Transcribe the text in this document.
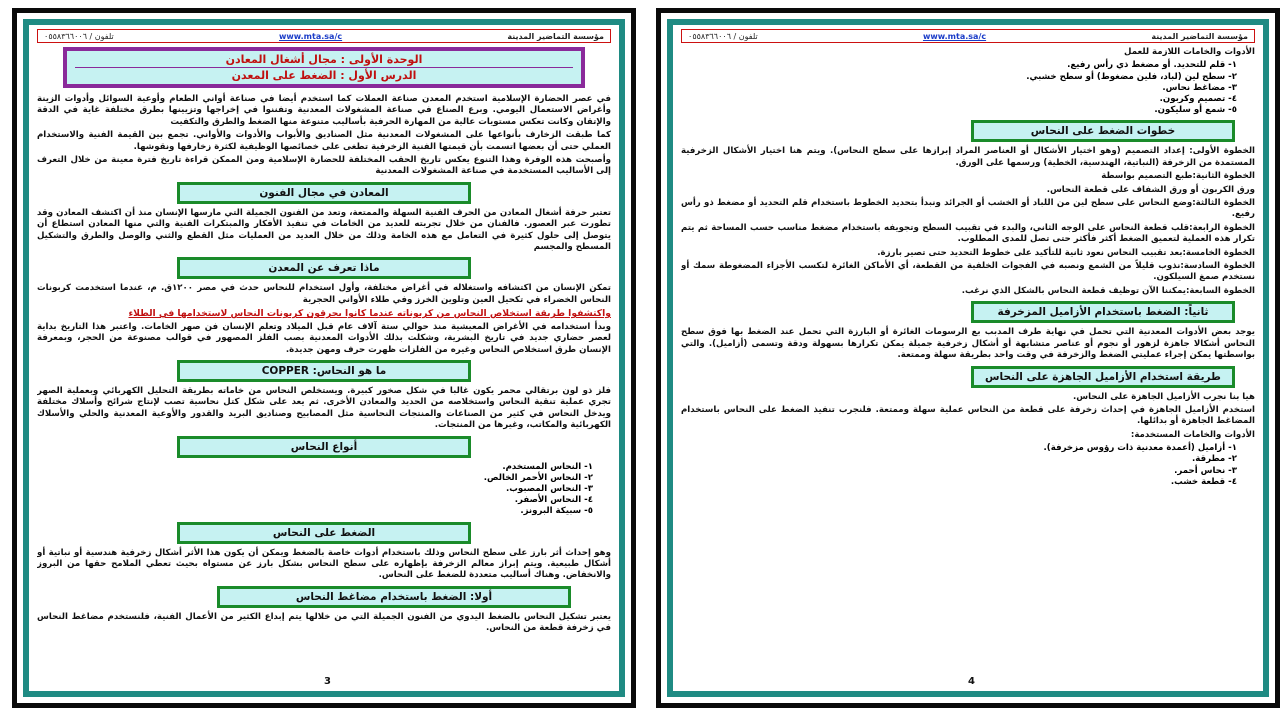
مؤسسة التماضير المدينة
www.mta.sa/c
تلفون / ٠٥٥٨٣٦٦٠٠٦
الوحدة الأولى : مجال أشغال المعادن
الدرس الأول : الضغط على المعدن

في عصر الحضارة الإسلامية استخدم المعدن صناعة العملات كما استخدم أيضا في صناعة أواني الطعام وأوعية السوائل وأدوات الزينة وأغراض الاستعمال اليومي. وبرع الصناع في صناعة المشغولات المعدنية وتفننوا في إخراجها وتزيينها بطرق مختلفة غاية في الدقة والإتقان وكانت تعكس مستويات عالية من المهارة الحرفية بأساليب متنوعة منها الضغط والطرق والتكفيت

كما طبقت الزخارف بأنواعها على المشغولات المعدنية مثل الصناديق والأبواب والأدوات والأواني. تجمع بين القيمة الفنية والاستخدام العملي حتى أن بعضها اتسمت بأن قيمتها الفنية الزخرفية تطغى على خصائصها الوظيفية لكثرة زخارفها ونقوشها.

وأصبحت هذه الوفرة وهذا التنوع يعكس تاريخ الحقب المختلفة للحضارة الإسلامية ومن الممكن قراءة تاريخ فترة معينة من خلال التعرف إلى الأساليب المستخدمة في صناعة المشغولات المعدنية

المعادن في مجال الفنون

تعتبر حرفة أشغال المعادن من الحرف الفنية السهلة والممتعة، وتعد من الفنون الجميلة التي مارسها الإنسان منذ أن اكتشف المعادن وقد تطورت عبر العصور. فالفنان من خلال تجربته للعديد من الخامات في تنفيذ الأفكار والمبتكرات الفنية والتي منها المعادن استطاع أن يتوصل إلى حلول كثيرة في التعامل مع هذه الخامة وذلك من خلال العديد من العمليات مثل القطع والثني والوصل والطرق والتشكيل المسطح والمجسم

ماذا تعرف عن المعدن

تمكن الإنسان من اكتشافه واستغلاله في أغراض مختلفة، وأول استخدام للنحاس حدث في مصر ١٢٠٠ق. م، عندما استخدمت كربونات النحاس الخضراء في تكحيل العين وتلوين الخرز وفي طلاء الأواني الحجرية

واكتشفوا طريقة استخلاص النحاس من كربوناته عندما كانوا يحرقون كربونات النحاس لاستخدامها في الطلاء

وبدأ استخدامه في الأغراض المعيشية منذ حوالي ستة آلاف عام قبل الميلاد وتعلم الإنسان فن صهر الخامات. واعتبر هذا التاريخ بداية لعصر حضاري جديد في تاريخ البشرية، وشكلت بذلك الأدوات المعدنية بصب الفلز المصهور في قوالب مصنوعة من الحجر، وبمعرفة الإنسان طرق استخلاص النحاس وغيره من الفلزات ظهرت حرف ومهن جديدة.

ما هو النحاس: COPPER

فلز ذو لون برتقالي محمر يكون غالبا في شكل صخور كبيرة. ويستخلص النحاس من خاماته بطريقة التحليل الكهربائي وبعملية الصهر تجري عملية تنقية النحاس واستخلاصه من الحديد والمعادن الأخرى. ثم يعد على شكل كتل نحاسية تصب لإنتاج شرائح وأسلاك مختلفة ويدخل النحاس في كثير من الصناعات والمنتجات النحاسية مثل المصابيح وصناديق البريد والقدور والأوعية المعدنية والحلي والأسلاك الكهربائية والمكاتب، وغيرها من المنتجات.

أنواع النحاس
١- النحاس المستخدم.
٢- النحاس الأحمر الخالص.
٣- النحاس المصبوب.
٤- النحاس الأصفر.
٥- سبيكة البرونز.
الضغط على النحاس

وهو إحداث أثر بارز على سطح النحاس وذلك باستخدام أدوات خاصة بالضغط ويمكن أن يكون هذا الأثر أشكال زخرفية هندسية أو نباتية أو أشكال طبيعية. ويتم إبراز معالم الزخرفة بإظهاره على سطح النحاس بشكل بارز عن مستواه بحيث تعطي الملامح حقها من البروز والانخفاض. وهناك أساليب متعددة للضغط على النحاس.

أولا: الضغط باستخدام مضاغط النحاس

يعتبر تشكيل النحاس بالضغط اليدوي من الفنون الجميلة التي من خلالها يتم إبداع الكثير من الأعمال الفنية، فلنستخدم مضاغط النحاس في زخرفة قطعة من النحاس.

3
مؤسسة التماضير المدينة
www.mta.sa/c
تلفون / ٠٥٥٨٣٦٦٠٠٦

الأدوات والخامات اللازمة للعمل

١- قلم للتحديد. أو مضغط ذي رأس رفيع.
٢- سطح لين (لباد، فلين مضغوط) أو سطح خشبي.
٣- مضاغط نحاس.
٤- تصميم وكربون.
٥- شمع أو سليكون.
خطوات الضغط على النحاس

الخطوة الأولى: إعداد التصميم (وهو اختيار الأشكال أو العناصر المراد إبرازها على سطح النحاس). ويتم هنا اختيار الأشكال الزخرفية المستمدة من الزخرفة (النباتية، الهندسية، الخطية) ورسمها على الورق.

الخطوة الثانية:طبع التصميم بواسطة

ورق الكربون أو ورق الشفاف على قطعة النحاس.

الخطوة الثالثة:وضع النحاس على سطح لين من اللباد أو الخشب أو الجرائد ونبدأ بتحديد الخطوط باستخدام قلم التحديد أو مضغط ذو رأس رفيع.

الخطوة الرابعة:قلب قطعة النحاس على الوجه الثاني، والبدء في تقبيب السطح وتجويفه باستخدام مضغط مناسب حسب المساحة ثم يتم تكرار هذه العملية لتعميق الضغط أكثر فأكثر حتى تصل للمدى المطلوب.

الخطوة الخامسة:بعد تقبيب النحاس نعود ثانية للتأكيد على خطوط التحديد حتى تصير بارزة.

الخطوة السادسة:نذوب قليلاً من الشمع ونصبه في الفجوات الخلفية من القطعة، أي الأماكن الغائرة لتكسب الأجزاء المضغوطة سمك أو نستخدم صمغ السيلكون.

الخطوة السابعة:يمكننا الآن توظيف قطعة النحاس بالشكل الذي نرغب.

ثانياً: الضغط باستخدام الأزاميل المزخرفة

يوجد بعض الأدوات المعدنية التي تحمل في نهاية طرف المدبب بع الرسومات الغائرة أو البارزة التي تحمل عند الضغط بها فوق سطح النحاس أشكالا جاهزة لزهور أو نجوم أو عناصر متشابهة أو أشكال زخرفية جميلة يمكن تكرارها بسهولة ودقة وتسمى (أزاميل). والتي بواسطتها يمكن إجراء عمليتي الضغط والزخرفة في وقت واحد بطريقة سهلة وممتعة.

طريقة استخدام الأزاميل الجاهزة على النحاس

هيا بنا نجرب الأزاميل الجاهزة على النحاس.

استخدم الأزاميل الجاهزة في إحداث زخرفة على قطعة من النحاس عملية سهلة وممتعة. فلنجرب تنفيذ الضغط على النحاس باستخدام المضاغط الجاهزة أو بدائلها.

الأدوات والخامات المستخدمة:

١- أزاميل (أعمدة معدنية ذات رؤوس مزخرفة).
٢- مطرقة.
٣- نحاس أحمر.
٤- قطعة خشب.
4
